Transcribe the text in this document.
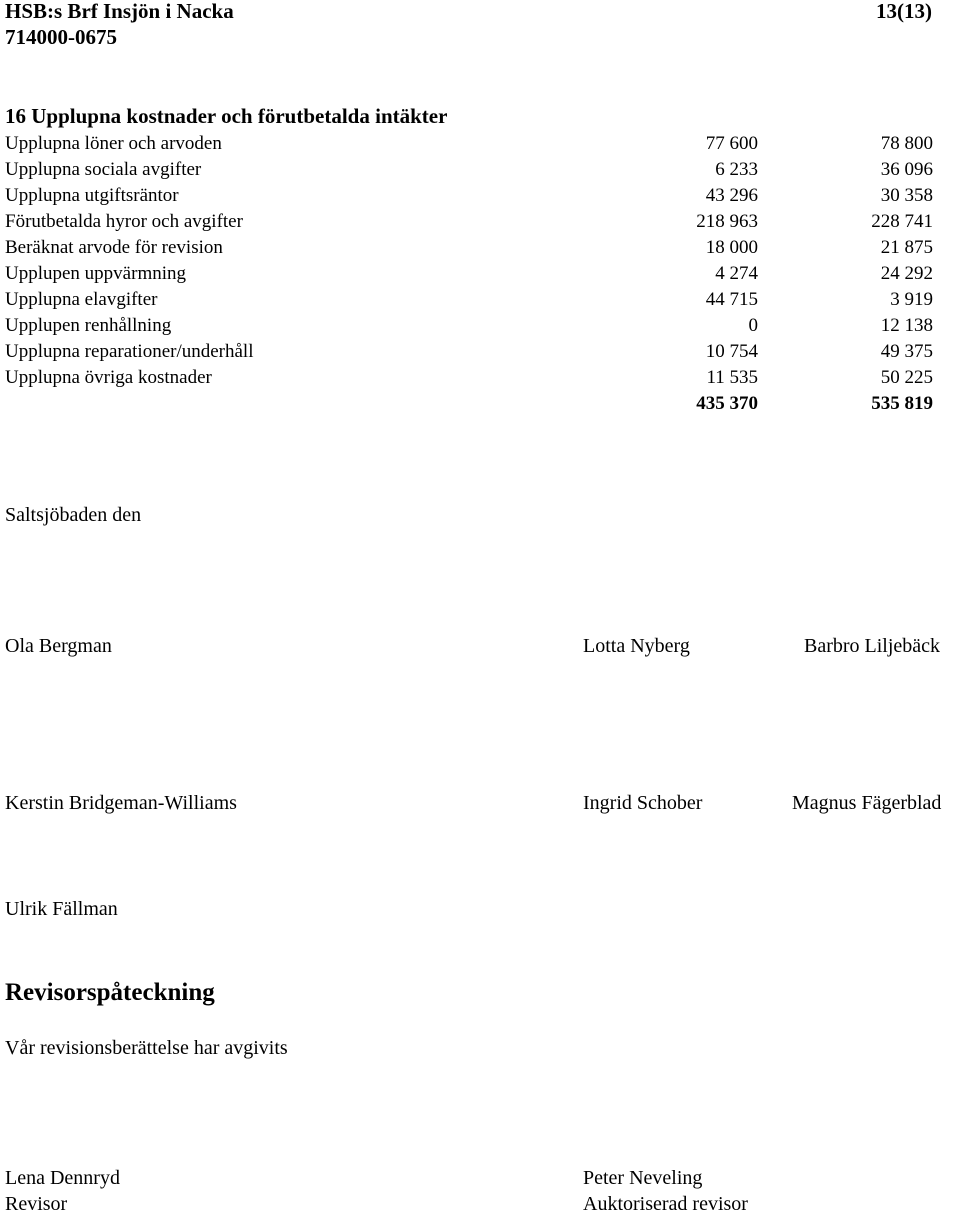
HSB:s Brf Insjön i Nacka
714000-0675
13(13)
16 Upplupna kostnader och förutbetalda intäkter
Upplupna löner och arvoden	77 600	78 800
Upplupna sociala avgifter	6 233	36 096
Upplupna utgiftsräntor	43 296	30 358
Förutbetalda hyror och avgifter	218 963	228 741
Beräknat arvode för revision	18 000	21 875
Upplupen uppvärmning	4 274	24 292
Upplupna elavgifter	44 715	3 919
Upplupen renhållning	0	12 138
Upplupna reparationer/underhåll	10 754	49 375
Upplupna övriga kostnader	11 535	50 225
435 370	535 819
Saltsjöbaden den
Ola Bergman	Lotta Nyberg	Barbro Liljebäck
Kerstin Bridgeman-Williams	Ingrid Schober	Magnus Fägerblad
Ulrik Fällman
Revisorspåteckning
Vår revisionsberättelse har avgivits
Lena Dennryd
Revisor
Peter Neveling
Auktoriserad revisor
